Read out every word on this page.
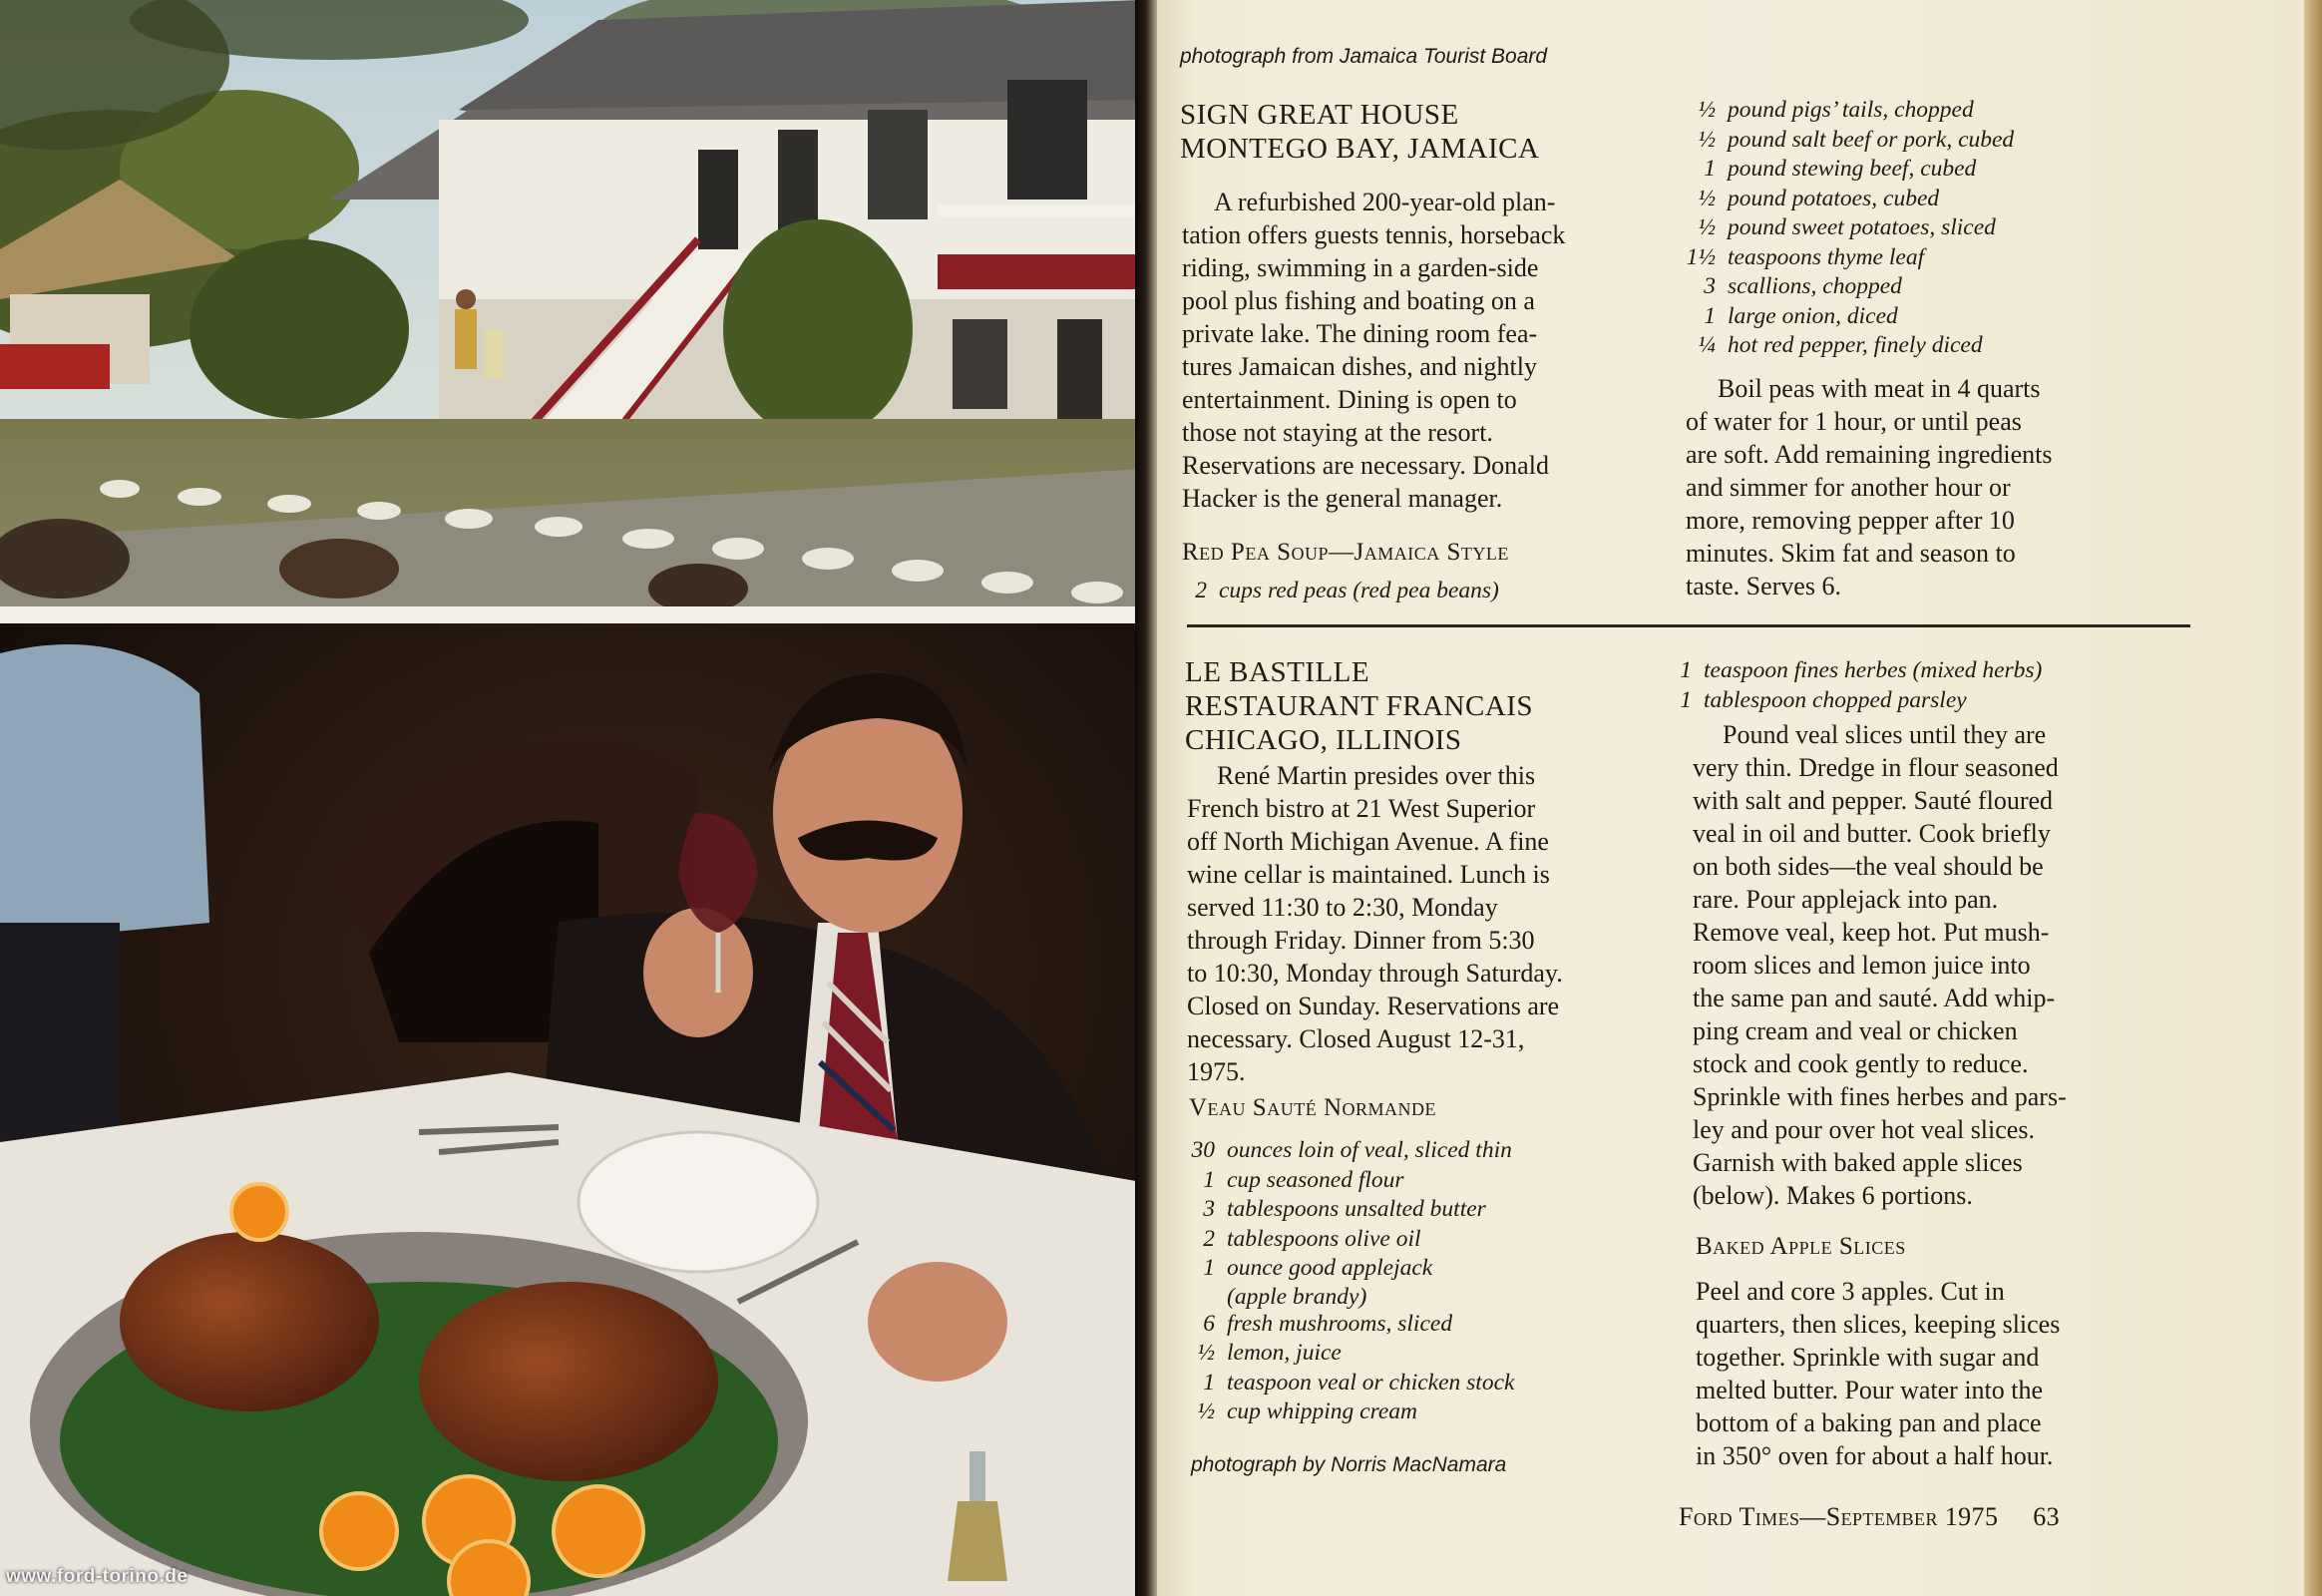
www.ford-torino.de
photograph from Jamaica Tourist Board
SIGN GREAT HOUSE
MONTEGO BAY, JAMAICA
A refurbished 200-year-old plan-
tation offers guests tennis, horseback
riding, swimming in a garden-side
pool plus fishing and boating on a
private lake. The dining room fea-
tures Jamaican dishes, and nightly
entertainment. Dining is open to
those not staying at the resort.
Reservations are necessary. Donald
Hacker is the general manager.
Red Pea Soup—Jamaica Style
2 cups red peas (red pea beans)
½ pound pigs’ tails, chopped
½ pound salt beef or pork, cubed
1 pound stewing beef, cubed
½ pound potatoes, cubed
½ pound sweet potatoes, sliced
1½ teaspoons thyme leaf
3 scallions, chopped
1 large onion, diced
¼ hot red pepper, finely diced
Boil peas with meat in 4 quarts
of water for 1 hour, or until peas
are soft. Add remaining ingredients
and simmer for another hour or
more, removing pepper after 10
minutes. Skim fat and season to
taste. Serves 6.
LE BASTILLE
RESTAURANT FRANCAIS
CHICAGO, ILLINOIS
René Martin presides over this
French bistro at 21 West Superior
off North Michigan Avenue. A fine
wine cellar is maintained. Lunch is
served 11:30 to 2:30, Monday
through Friday. Dinner from 5:30
to 10:30, Monday through Saturday.
Closed on Sunday. Reservations are
necessary. Closed August 12-31,
1975.
Veau Sauté Normande
30 ounces loin of veal, sliced thin
1 cup seasoned flour
3 tablespoons unsalted butter
2 tablespoons olive oil
1 ounce good applejack
(apple brandy)
6 fresh mushrooms, sliced
½ lemon, juice
1 teaspoon veal or chicken stock
½ cup whipping cream
photograph by Norris MacNamara
1 teaspoon fines herbes (mixed herbs)
1 tablespoon chopped parsley
Pound veal slices until they are
very thin. Dredge in flour seasoned
with salt and pepper. Sauté floured
veal in oil and butter. Cook briefly
on both sides—the veal should be
rare. Pour applejack into pan.
Remove veal, keep hot. Put mush-
room slices and lemon juice into
the same pan and sauté. Add whip-
ping cream and veal or chicken
stock and cook gently to reduce.
Sprinkle with fines herbes and pars-
ley and pour over hot veal slices.
Garnish with baked apple slices
(below). Makes 6 portions.
Baked Apple Slices
Peel and core 3 apples. Cut in
quarters, then slices, keeping slices
together. Sprinkle with sugar and
melted butter. Pour water into the
bottom of a baking pan and place
in 350° oven for about a half hour.
Ford Times—September 1975 63
